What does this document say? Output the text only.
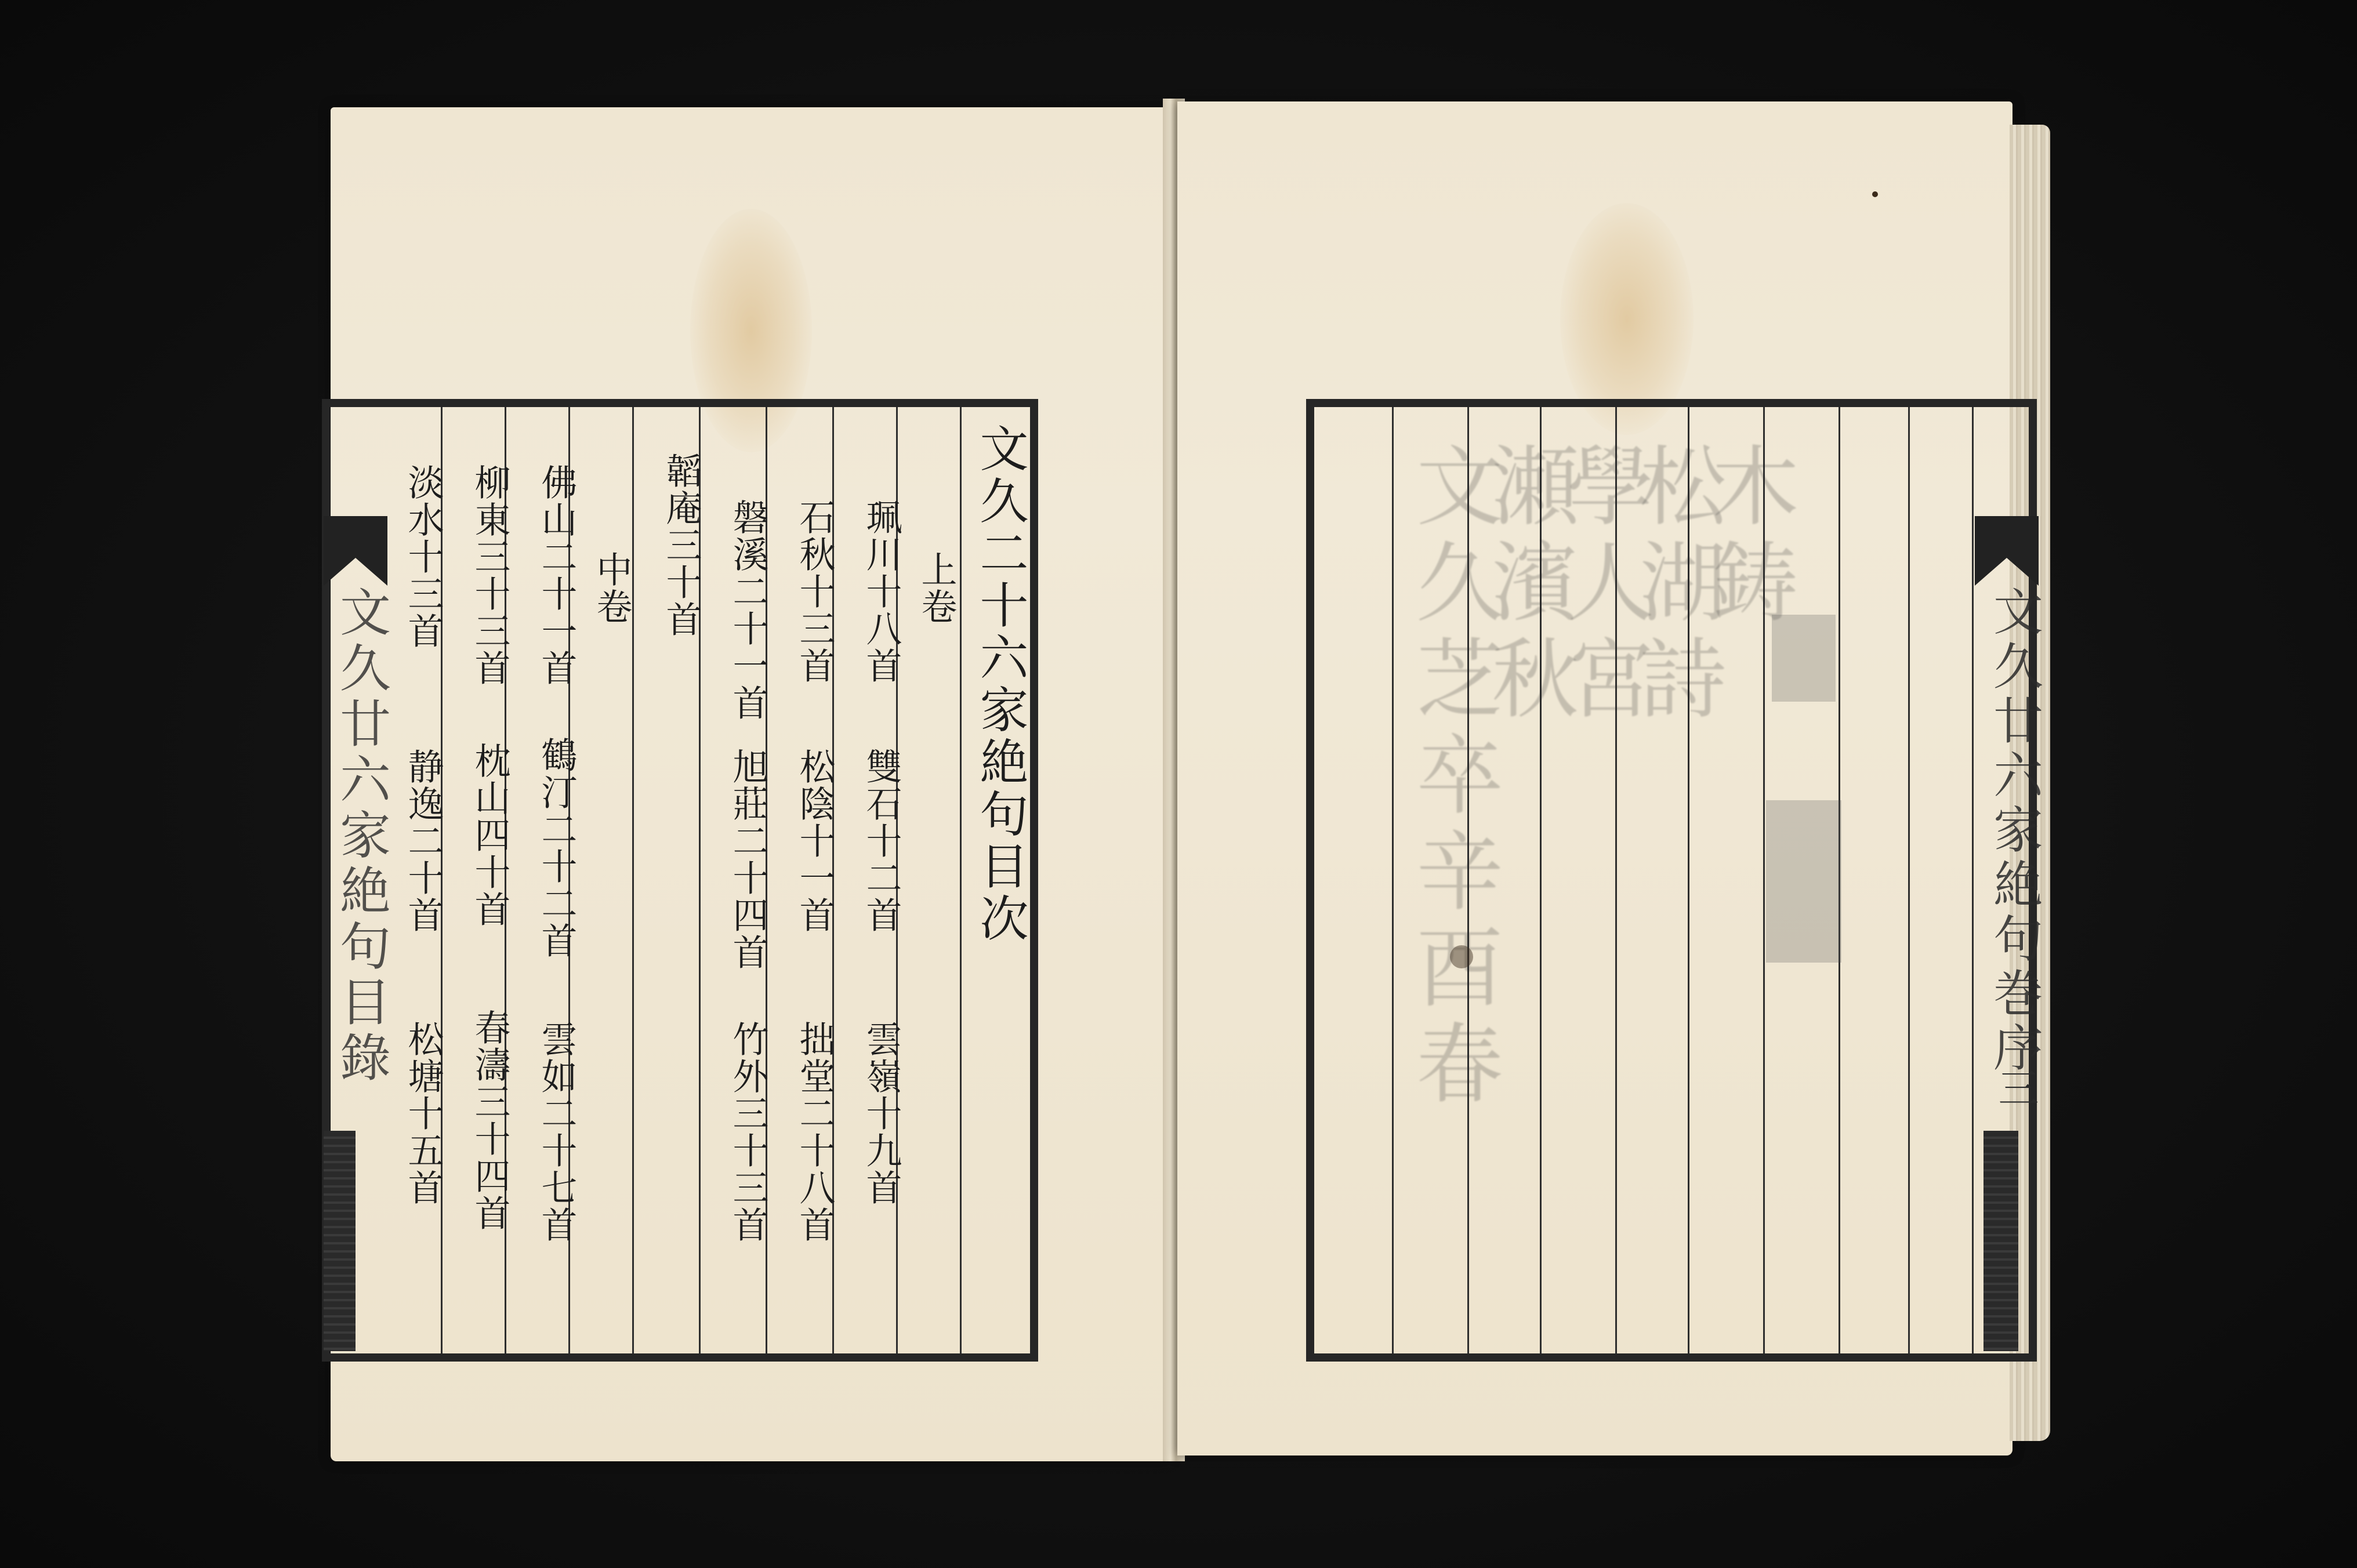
文久二十六家絶句目次
上卷
珮川十八首
雙石十二首
雲嶺十九首
石秋十三首
松陰十一首
拙堂二十八首
磐溪二十一首
旭莊二十四首
竹外三十三首
韜庵三十首
中卷
佛山二十一首
鶴汀二十二首
雲如二十七首
柳東三十三首
枕山四十首
春濤三十四首
淡水十三首
静逸二十首
松塘十五首
文久廿六家絶句目錄
木鋳
松湖詩
學人宮
瀬濱秋
文久芝卒辛酉春	文久廿六家絶句巻序
三
